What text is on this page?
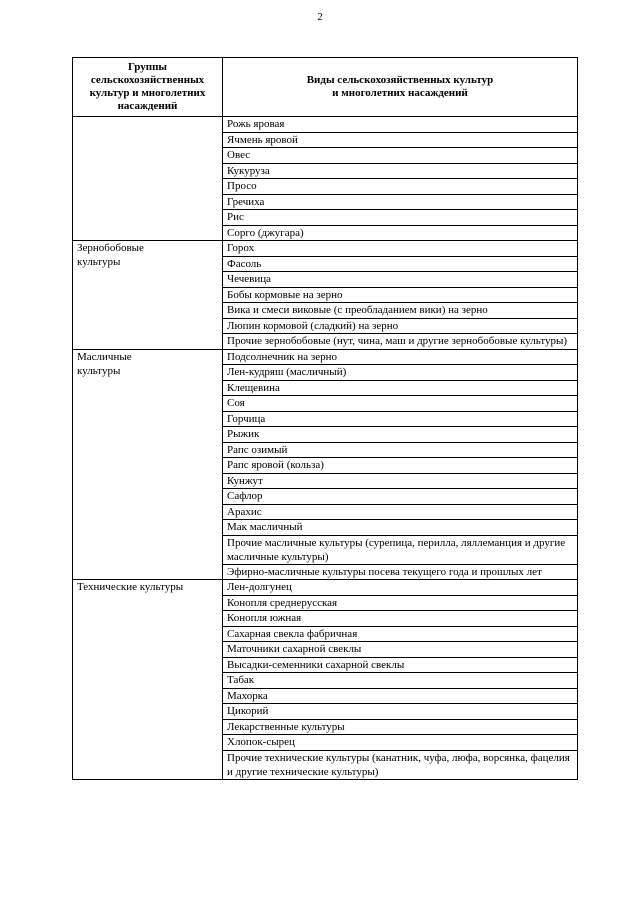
2
Группы
сельскохозяйственных
культур и многолетних
насаждений	Виды сельскохозяйственных культур
и многолетних насаждений
	Рожь яровая
	Ячмень яровой
	Овес
	Кукуруза
	Просо
	Гречиха
	Рис
	Сорго (джугара)
Зернобобовые
культуры	Горох
	Фасоль
	Чечевица
	Бобы кормовые на зерно
	Вика и смеси виковые (с преобладанием вики) на зерно
	Люпин кормовой (сладкий) на зерно
	Прочие зернобобовые (нут, чина, маш и другие зернобобовые культуры)
Масличные
культуры	Подсолнечник на зерно
	Лен-кудряш (масличный)
	Клещевина
	Соя
	Горчица
	Рыжик
	Рапс озимый
	Рапс яровой (кольза)
	Кунжут
	Сафлор
	Арахис
	Мак масличный
	Прочие масличные культуры (сурепица, перилла, ляллеманция и другие масличные культуры)
	Эфирно-масличные культуры посева текущего года и прошлых лет
Технические культуры	Лен-долгунец
	Конопля среднерусская
	Конопля южная
	Сахарная свекла фабричная
	Маточники сахарной свеклы
	Высадки-семенники сахарной свеклы
	Табак
	Махорка
	Цикорий
	Лекарственные культуры
	Хлопок-сырец
	Прочие технические культуры (канатник, чуфа, люфа, ворсянка, фацелия и другие технические культуры)
